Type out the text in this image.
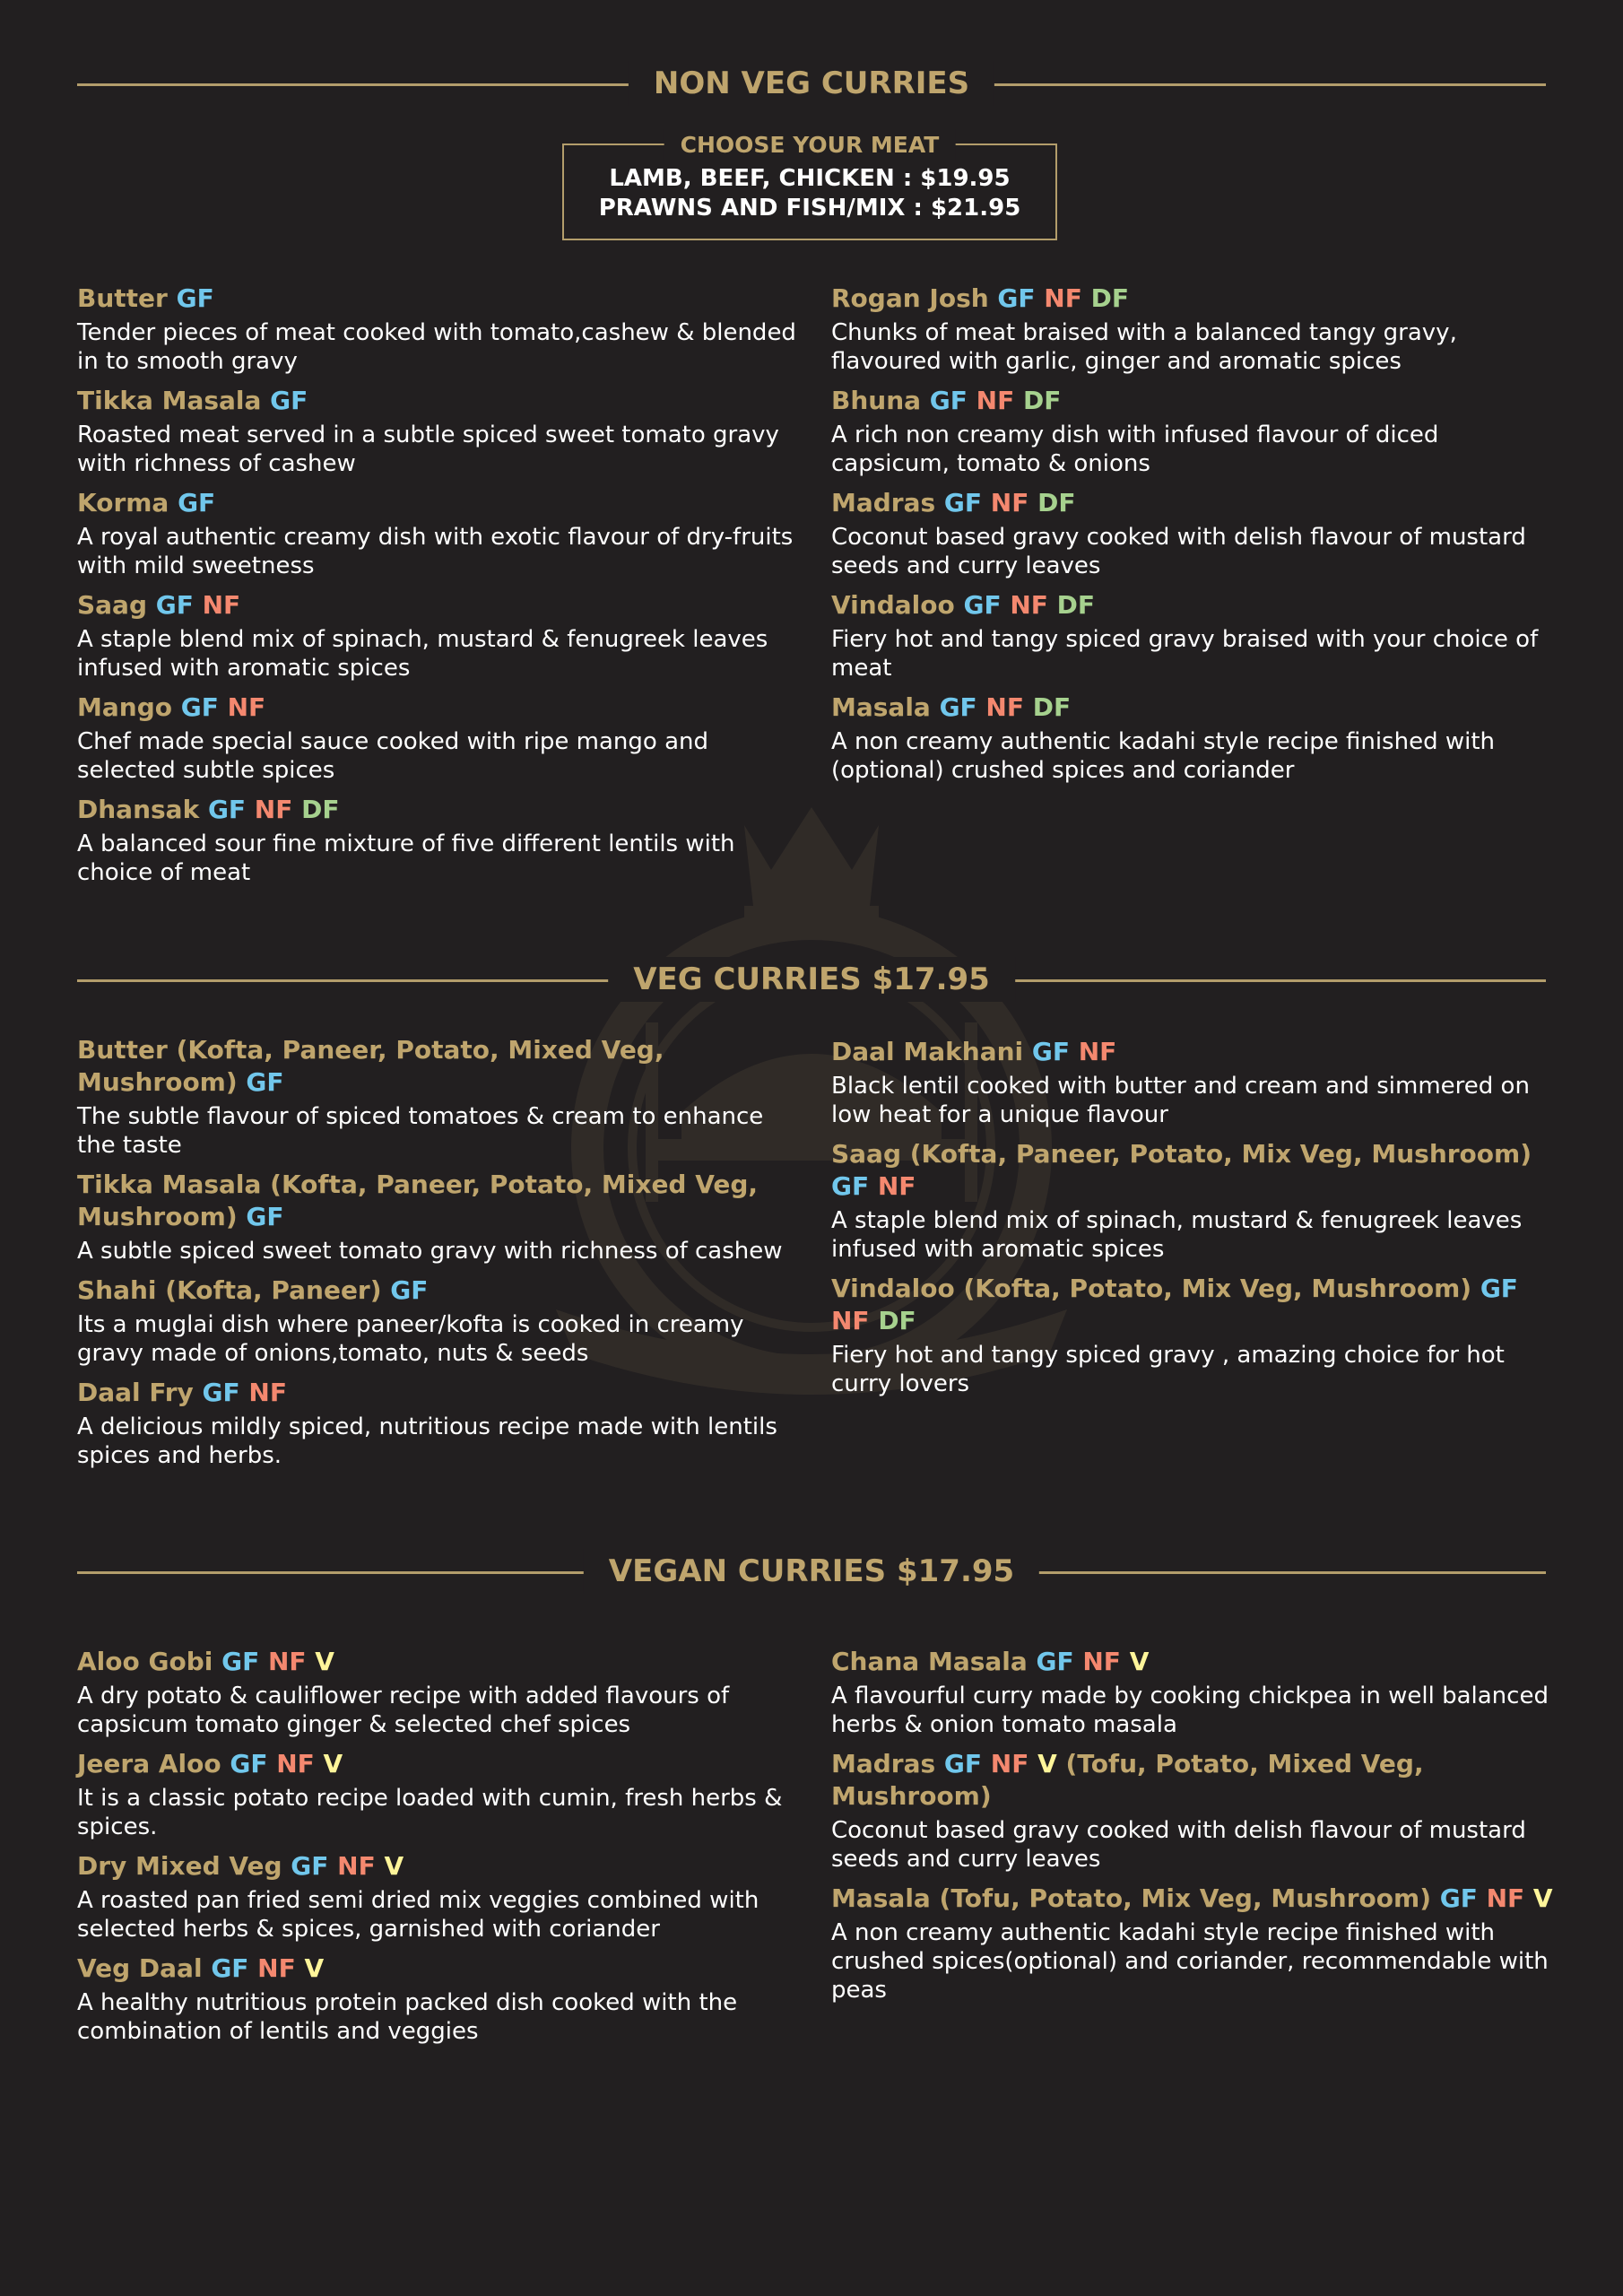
NON VEG CURRIES
CHOOSE YOUR MEAT
LAMB, BEEF, CHICKEN : $19.95
PRAWNS AND FISH/MIX : $21.95
Butter GF
Tender pieces of meat cooked with tomato,cashew & blended in to smooth gravy
Tikka Masala GF
Roasted meat served in a subtle spiced sweet tomato gravy with richness of cashew
Korma GF
A royal authentic creamy dish with exotic flavour of dry-fruits with mild sweetness
Saag GF NF
A staple blend mix of spinach, mustard & fenugreek leaves infused with aromatic spices
Mango GF NF
Chef made special sauce cooked with ripe mango and selected subtle spices
Dhansak GF NF DF
A balanced sour fine mixture of five different lentils with choice of meat
Rogan Josh GF NF DF
Chunks of meat braised with a balanced tangy gravy, flavoured with garlic, ginger and aromatic spices
Bhuna GF NF DF
A rich non creamy dish with infused flavour of diced capsicum, tomato & onions
Madras GF NF DF
Coconut based gravy cooked with delish flavour of mustard seeds and curry leaves
Vindaloo GF NF DF
Fiery hot and tangy spiced gravy braised with your choice of meat
Masala GF NF DF
A non creamy authentic kadahi style recipe finished with (optional) crushed spices and coriander
VEG CURRIES $17.95
Butter (Kofta, Paneer, Potato, Mixed Veg, Mushroom) GF
The subtle flavour of spiced tomatoes & cream to enhance the taste
Tikka Masala (Kofta, Paneer, Potato, Mixed Veg, Mushroom) GF
A subtle spiced sweet tomato gravy with richness of cashew
Shahi (Kofta, Paneer) GF
Its a muglai dish where paneer/kofta is cooked in creamy gravy made of onions,tomato, nuts & seeds
Daal Fry GF NF
A delicious mildly spiced, nutritious recipe made with lentils spices and herbs.
Daal Makhani GF NF
Black lentil cooked with butter and cream and simmered on low heat for a unique flavour
Saag (Kofta, Paneer, Potato, Mix Veg, Mushroom) GF NF
A staple blend mix of spinach, mustard & fenugreek leaves infused with aromatic spices
Vindaloo (Kofta, Potato, Mix Veg, Mushroom) GF NF DF
Fiery hot and tangy spiced gravy , amazing choice for hot curry lovers
VEGAN CURRIES $17.95
Aloo Gobi GF NF V
A dry potato & cauliflower recipe with added flavours of capsicum tomato ginger & selected chef spices
Jeera Aloo GF NF V
It is a classic potato recipe loaded with cumin, fresh herbs & spices.
Dry Mixed Veg GF NF V
A roasted pan fried semi dried mix veggies combined with selected herbs & spices, garnished with coriander
Veg Daal GF NF V
A healthy nutritious protein packed dish cooked with the combination of lentils and veggies
Chana Masala GF NF V
A flavourful curry made by cooking chickpea in well balanced herbs & onion tomato masala
Madras GF NF V (Tofu, Potato, Mixed Veg, Mushroom)
Coconut based gravy cooked with delish flavour of mustard seeds and curry leaves
Masala (Tofu, Potato, Mix Veg, Mushroom) GF NF V
A non creamy authentic kadahi style recipe finished with crushed spices(optional) and coriander, recommendable with peas
